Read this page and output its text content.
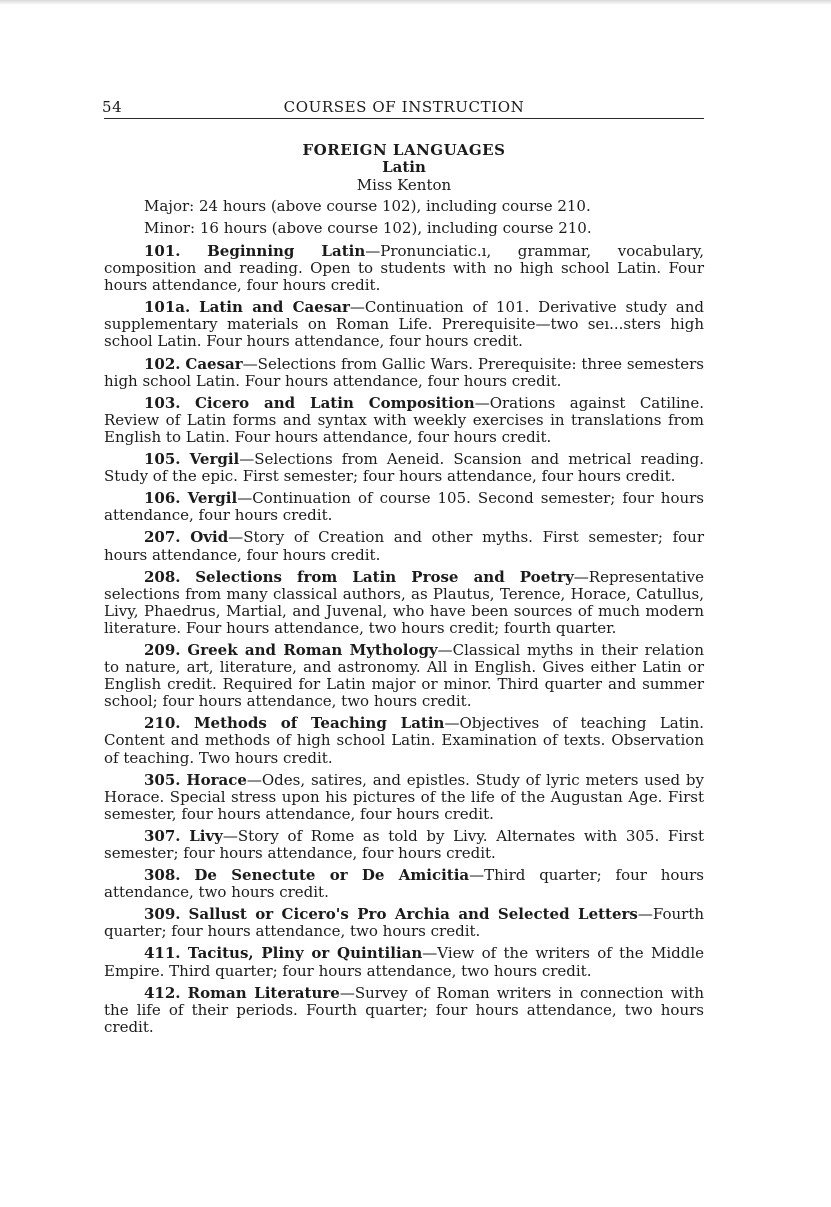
54	COURSES OF INSTRUCTION
FOREIGN LANGUAGES
Latin
Miss Kenton

Major: 24 hours (above course 102), including course 210.

Minor: 16 hours (above course 102), including course 210.

101. Beginning Latin—Pronunciatic.ı, grammar, vocabulary, composition and reading. Open to students with no high school Latin. Four hours attendance, four hours credit.

101a. Latin and Caesar—Continuation of 101. Derivative study and supplementary materials on Roman Life. Prerequisite—two seı...sters high school Latin. Four hours attendance, four hours credit.

102. Caesar—Selections from Gallic Wars. Prerequisite: three semesters high school Latin. Four hours attendance, four hours credit.

103. Cicero and Latin Composition—Orations against Catiline. Review of Latin forms and syntax with weekly exercises in translations from English to Latin. Four hours attendance, four hours credit.

105. Vergil—Selections from Aeneid. Scansion and metrical reading. Study of the epic. First semester; four hours attendance, four hours credit.

106. Vergil—Continuation of course 105. Second semester; four hours attendance, four hours credit.

207. Ovid—Story of Creation and other myths. First semester; four hours attendance, four hours credit.

208. Selections from Latin Prose and Poetry—Representative selections from many classical authors, as Plautus, Terence, Horace, Catullus, Livy, Phaedrus, Martial, and Juvenal, who have been sources of much modern literature. Four hours attendance, two hours credit; fourth quarter.

209. Greek and Roman Mythology—Classical myths in their relation to nature, art, literature, and astronomy. All in English. Gives either Latin or English credit. Required for Latin major or minor. Third quarter and summer school; four hours attendance, two hours credit.

210. Methods of Teaching Latin—Objectives of teaching Latin. Content and methods of high school Latin. Examination of texts. Observation of teaching. Two hours credit.

305. Horace—Odes, satires, and epistles. Study of lyric meters used by Horace. Special stress upon his pictures of the life of the Augustan Age. First semester, four hours attendance, four hours credit.

307. Livy—Story of Rome as told by Livy. Alternates with 305. First semester; four hours attendance, four hours credit.

308. De Senectute or De Amicitia—Third quarter; four hours attendance, two hours credit.

309. Sallust or Cicero's Pro Archia and Selected Letters—Fourth quarter; four hours attendance, two hours credit.

411. Tacitus, Pliny or Quintilian—View of the writers of the Middle Empire. Third quarter; four hours attendance, two hours credit.

412. Roman Literature—Survey of Roman writers in connection with the life of their periods. Fourth quarter; four hours attendance, two hours credit.
